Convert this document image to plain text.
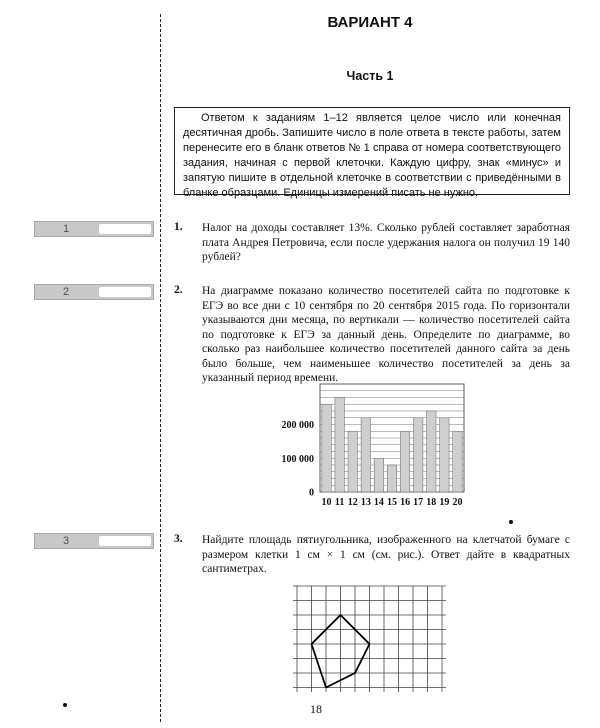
ВАРИАНТ 4
Часть 1
Ответом к заданиям 1–12 является целое число или конечная десятичная дробь. Запишите число в поле ответа в тексте работы, затем перенесите его в бланк ответов № 1 справа от номера соответствующего задания, начиная с первой клеточки. Каждую цифру, знак «минус» и запятую пишите в отдельной клеточке в соответствии с приведёнными в бланке образцами. Единицы измерений писать не нужно.
1	1. Налог на доходы составляет 13%. Сколько рублей составляет заработная плата Андрея Петровича, если после удержания налога он получил 19 140 рублей?
2	2. На диаграмме показано количество посетителей сайта по подготовке к ЕГЭ во все дни с 10 сентября по 20 сентября 2015 года. По горизонтали указываются дни месяца, по вертикали — количество посетителей сайта по подготовке к ЕГЭ за данный день. Определите по диаграмме, во сколько раз наибольшее количество посетителей данного сайта за день было больше, чем наименьшее количество посетителей за день за указанный период времени.
10 11 12 13 14 15 16 17 18 19 20
0
100 000
200 000
3	3. Найдите площадь пятиугольника, изображенного на клетчатой бумаге с размером клетки 1 см × 1 см (см. рис.). Ответ дайте в квадратных сантиметрах.
18
